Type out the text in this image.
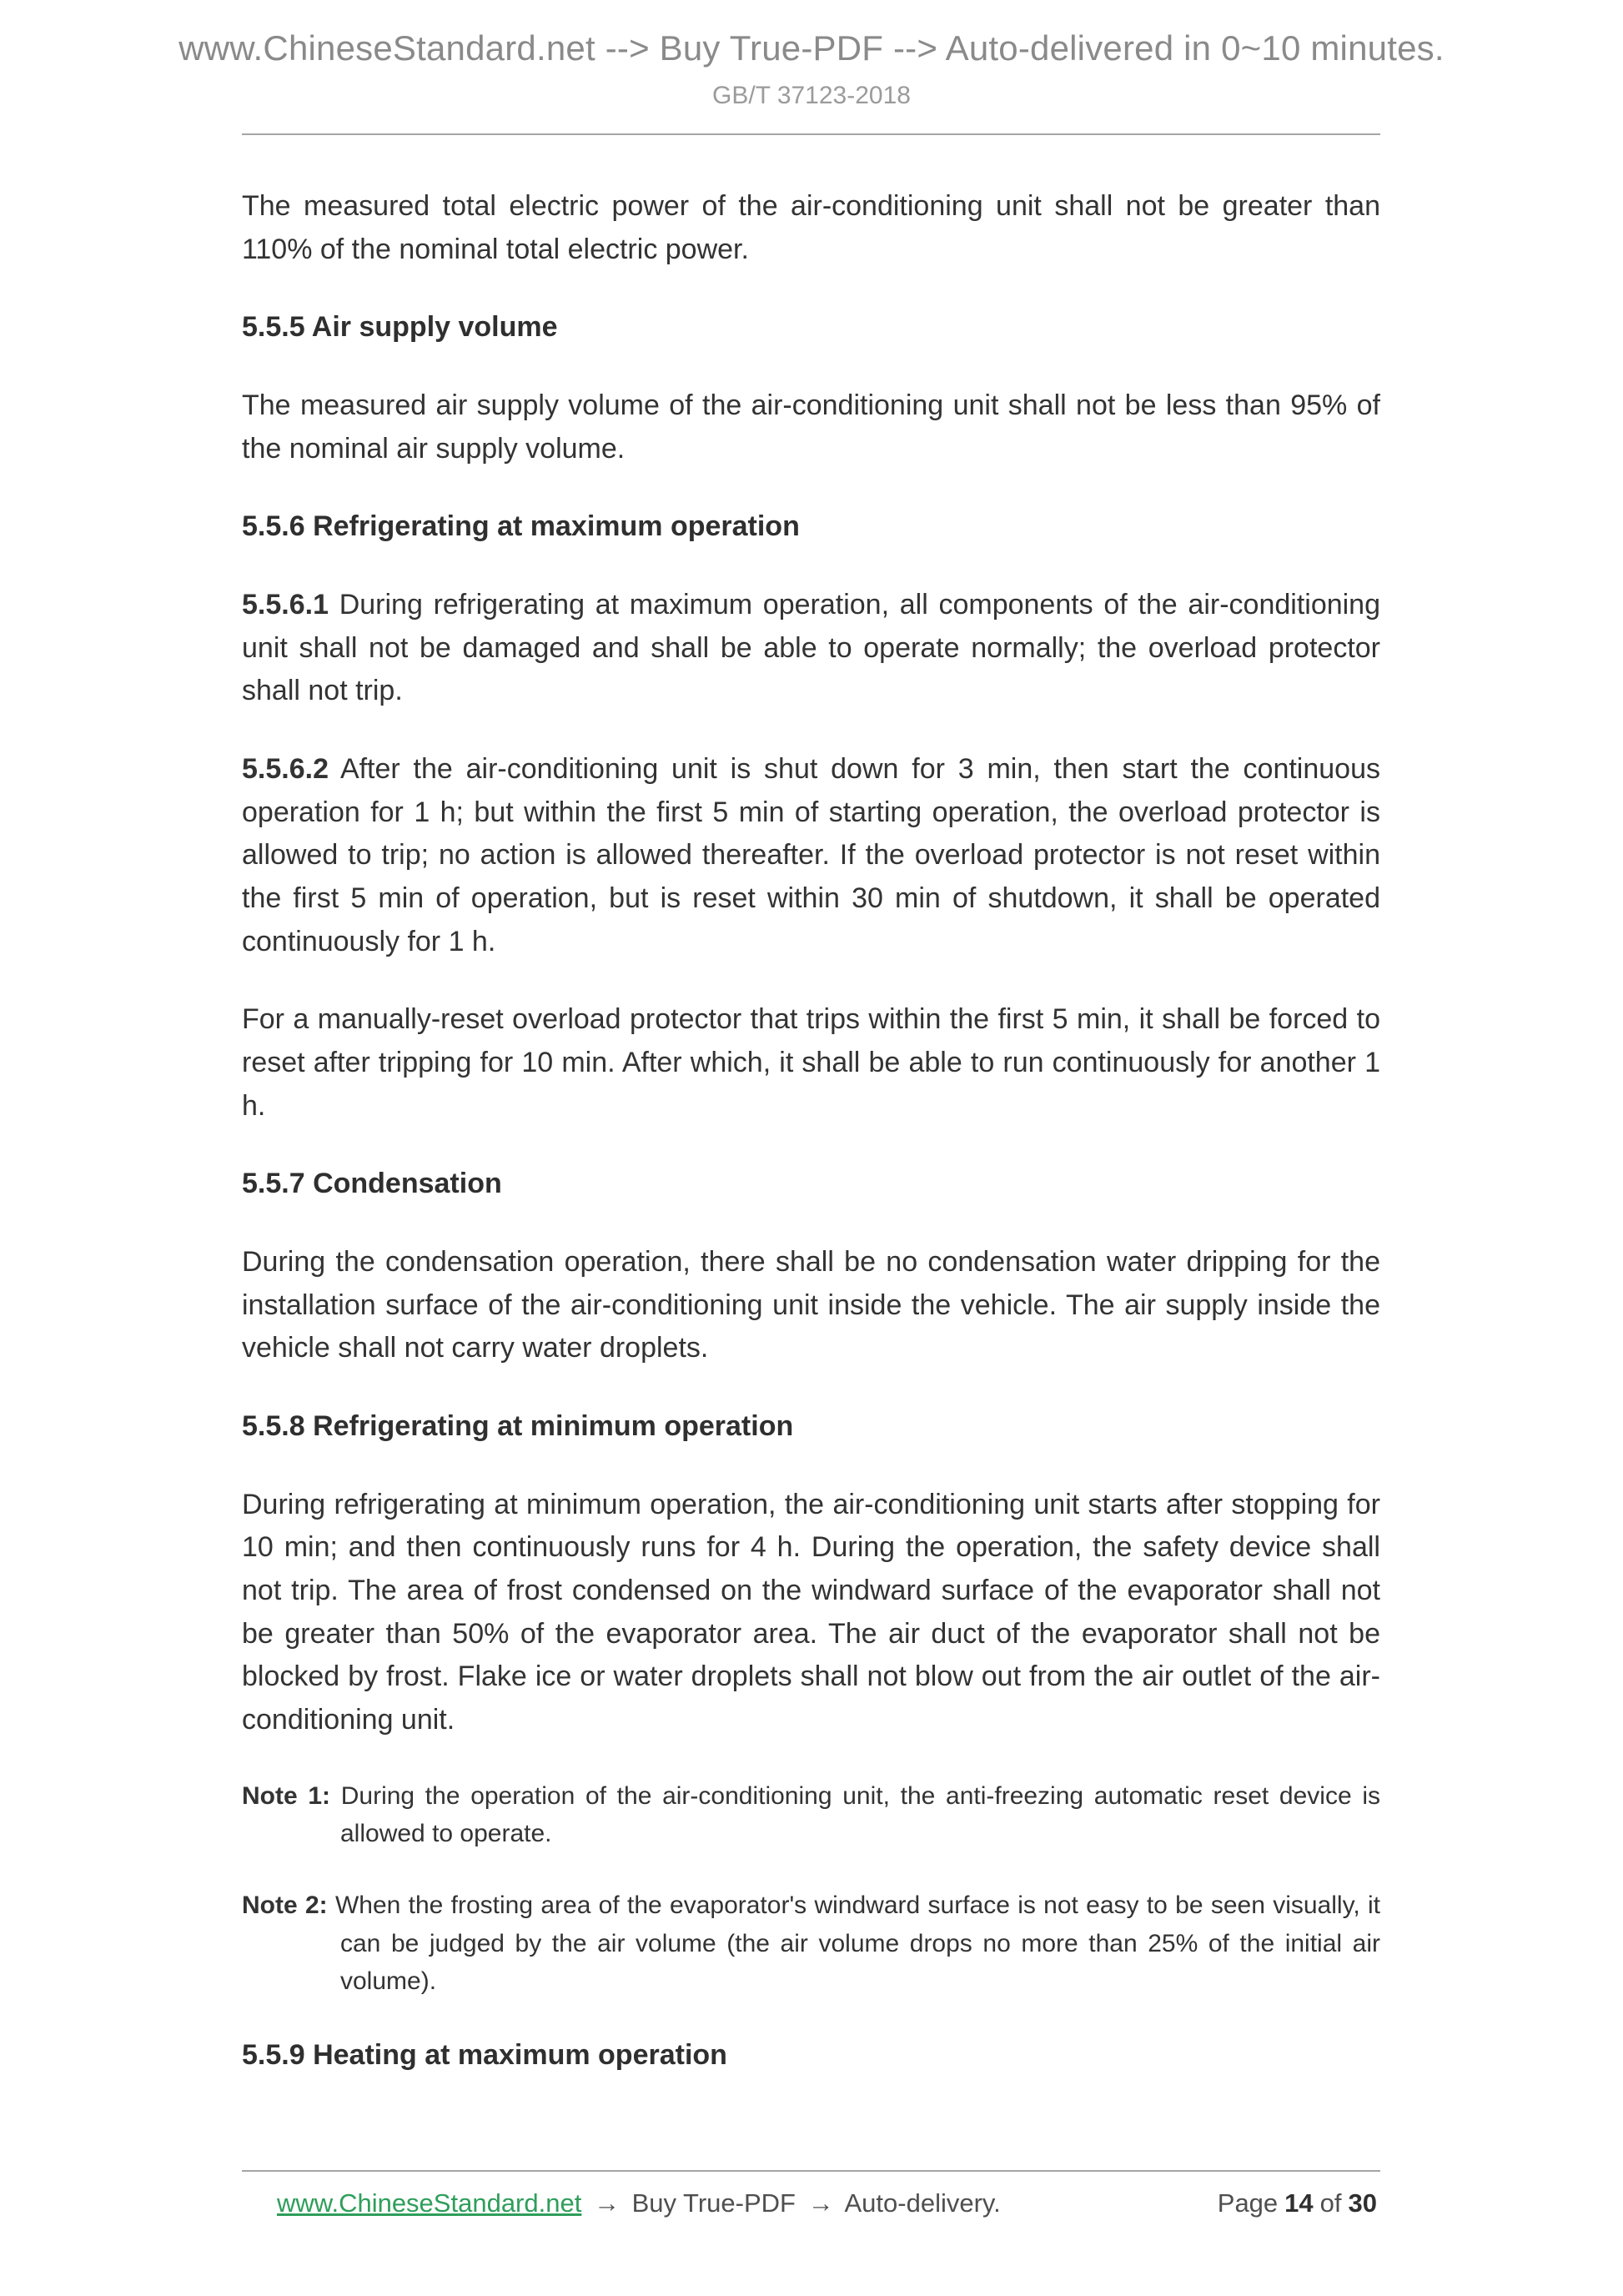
www.ChineseStandard.net --> Buy True-PDF --> Auto-delivered in 0~10 minutes.
GB/T 37123-2018

The measured total electric power of the air-conditioning unit shall not be greater than 110% of the nominal total electric power.

5.5.5 Air supply volume

The measured air supply volume of the air-conditioning unit shall not be less than 95% of the nominal air supply volume.

5.5.6 Refrigerating at maximum operation

5.5.6.1 During refrigerating at maximum operation, all components of the air-conditioning unit shall not be damaged and shall be able to operate normally; the overload protector shall not trip.

5.5.6.2 After the air-conditioning unit is shut down for 3 min, then start the continuous operation for 1 h; but within the first 5 min of starting operation, the overload protector is allowed to trip; no action is allowed thereafter. If the overload protector is not reset within the first 5 min of operation, but is reset within 30 min of shutdown, it shall be operated continuously for 1 h.

For a manually-reset overload protector that trips within the first 5 min, it shall be forced to reset after tripping for 10 min. After which, it shall be able to run continuously for another 1 h.

5.5.7 Condensation

During the condensation operation, there shall be no condensation water dripping for the installation surface of the air-conditioning unit inside the vehicle. The air supply inside the vehicle shall not carry water droplets.

5.5.8 Refrigerating at minimum operation

During refrigerating at minimum operation, the air-conditioning unit starts after stopping for 10 min; and then continuously runs for 4 h. During the operation, the safety device shall not trip. The area of frost condensed on the windward surface of the evaporator shall not be greater than 50% of the evaporator area. The air duct of the evaporator shall not be blocked by frost. Flake ice or water droplets shall not blow out from the air outlet of the air-conditioning unit.

Note 1: During the operation of the air-conditioning unit, the anti-freezing automatic reset device is allowed to operate.

Note 2: When the frosting area of the evaporator's windward surface is not easy to be seen visually, it can be judged by the air volume (the air volume drops no more than 25% of the initial air volume).

5.5.9 Heating at maximum operation
www.ChineseStandard.net → Buy True-PDF → Auto-delivery.	Page 14 of 30
